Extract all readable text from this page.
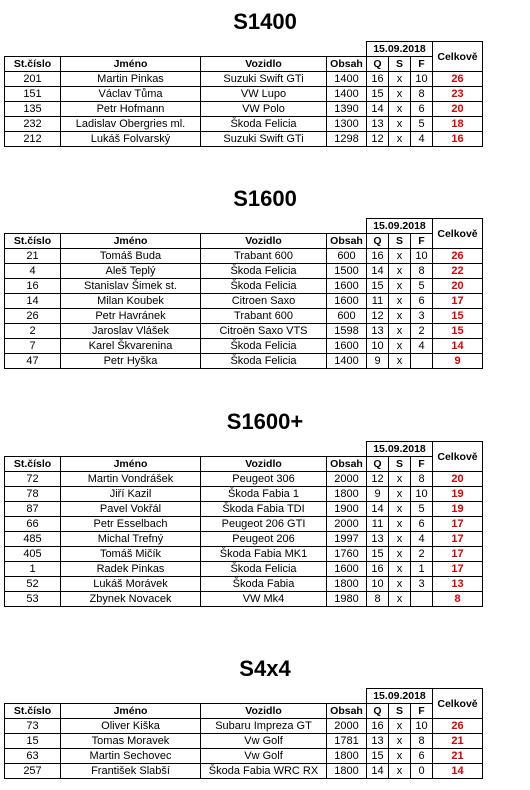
S1400
				15.09.2018			Celkově
St.číslo	Jméno	Vozidlo	Obsah	Q	S	F	
201	Martin Pinkas	Suzuki Swift GTi	1400	16	x	10	26
151	Václav Tůma	VW Lupo	1400	15	x	8	23
135	Petr Hofmann	VW Polo	1390	14	x	6	20
232	Ladislav Obergries ml.	Škoda Felicia	1300	13	x	5	18
212	Lukáš Folvarský	Suzuki Swift GTi	1298	12	x	4	16
S1600
				15.09.2018			Celkově
St.číslo	Jméno	Vozidlo	Obsah	Q	S	F	
21	Tomáš Buda	Trabant 600	600	16	x	10	26
4	Aleš Teplý	Škoda Felicia	1500	14	x	8	22
16	Stanislav Šimek st.	Škoda Felicia	1600	15	x	5	20
14	Milan Koubek	Citroen Saxo	1600	11	x	6	17
26	Petr Havránek	Trabant 600	600	12	x	3	15
2	Jaroslav Vlášek	Citroën Saxo VTS	1598	13	x	2	15
7	Karel Škvarenina	Škoda Felicia	1600	10	x	4	14
47	Petr Hyška	Škoda Felicia	1400	9	x		9
S1600+
				15.09.2018			Celkově
St.číslo	Jméno	Vozidlo	Obsah	Q	S	F	
72	Martin Vondrášek	Peugeot 306	2000	12	x	8	20
78	Jiří Kazil	Škoda Fabia 1	1800	9	x	10	19
87	Pavel Vokřál	Škoda Fabia TDI	1900	14	x	5	19
66	Petr Esselbach	Peugeot 206 GTI	2000	11	x	6	17
485	Michal Trefný	Peugeot 206	1997	13	x	4	17
405	Tomáš Mičík	Škoda Fabia MK1	1760	15	x	2	17
1	Radek Pinkas	Škoda Felicia	1600	16	x	1	17
52	Lukáš Morávek	Škoda Fabia	1800	10	x	3	13
53	Zbynek Novacek	VW Mk4	1980	8	x		8
S4x4
				15.09.2018			Celkově
St.číslo	Jméno	Vozidlo	Obsah	Q	S	F	
73	Oliver Kiška	Subaru Impreza GT	2000	16	x	10	26
15	Tomas Moravek	Vw Golf	1781	13	x	8	21
63	Martin Sechovec	Vw Golf	1800	15	x	6	21
257	František Slabší	Škoda Fabia WRC RX	1800	14	x	0	14
